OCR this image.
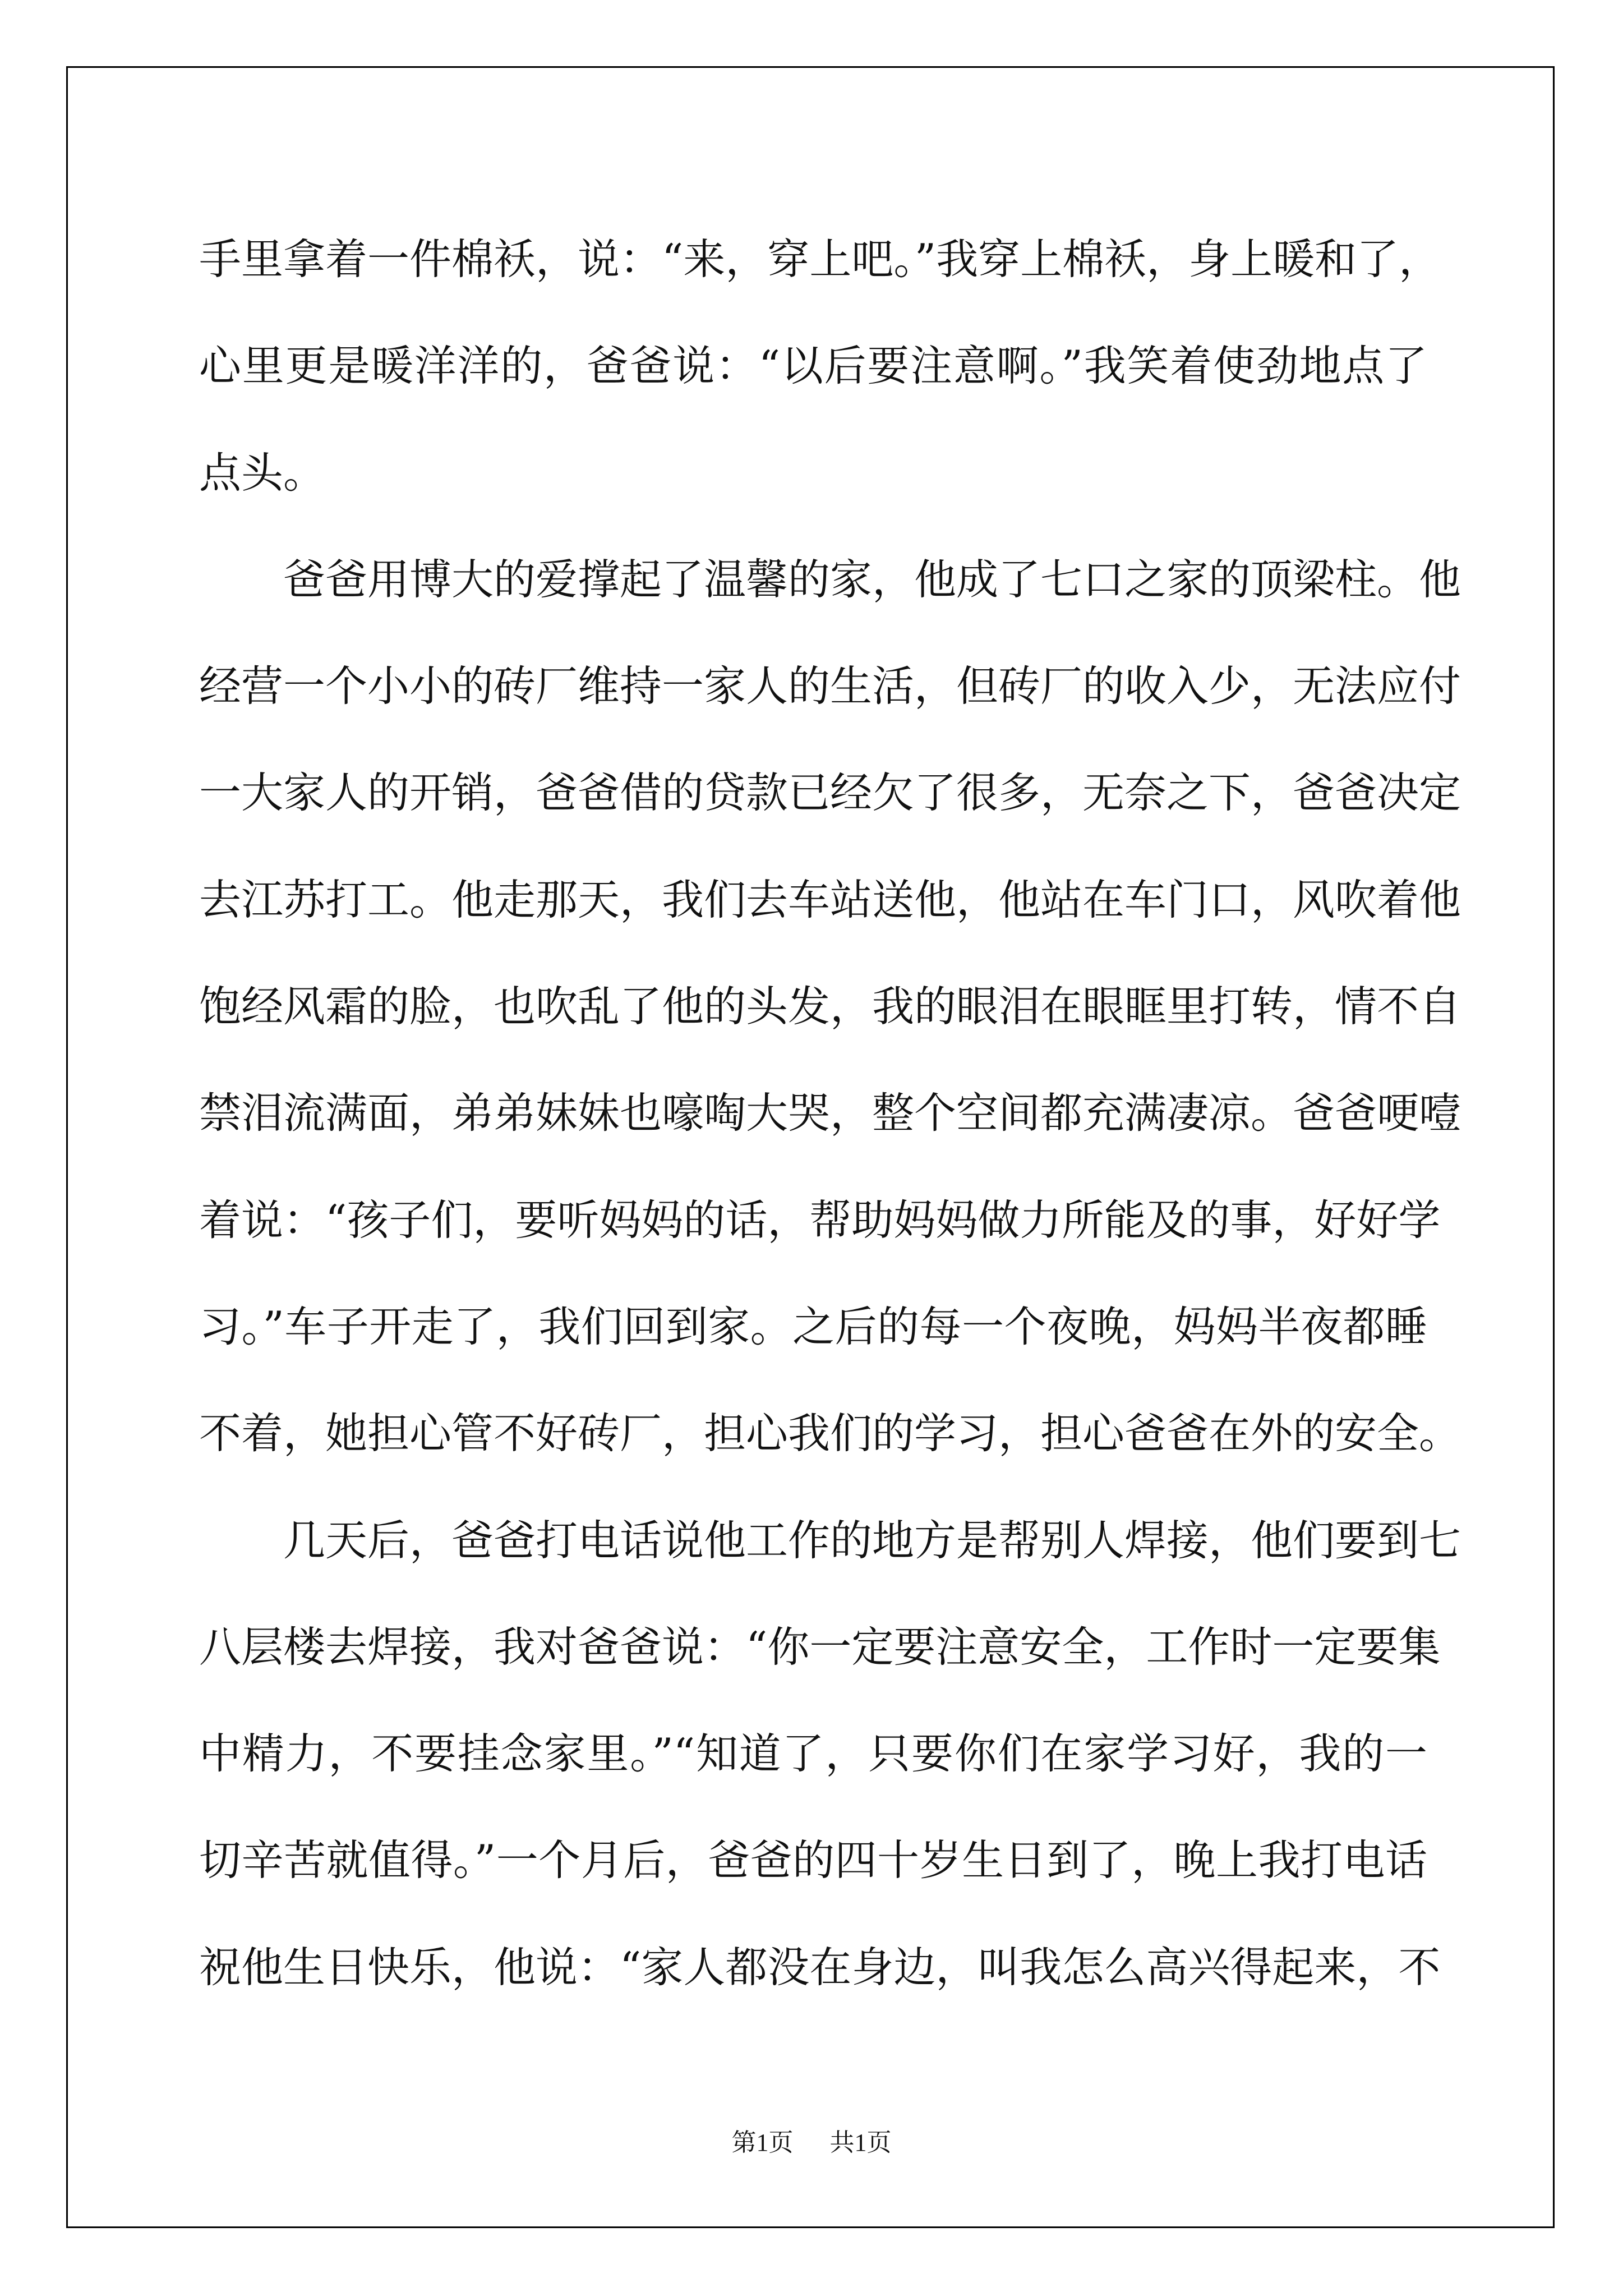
手里拿着一件棉袄，说：“来，穿上吧。”我穿上棉袄，身上暖和了，
心里更是暖洋洋的，爸爸说：“以后要注意啊。”我笑着使劲地点了
点头。
爸爸用博大的爱撑起了温馨的家，他成了七口之家的顶梁柱。他
经营一个小小的砖厂维持一家人的生活，但砖厂的收入少，无法应付
一大家人的开销，爸爸借的贷款已经欠了很多，无奈之下，爸爸决定
去江苏打工。他走那天，我们去车站送他，他站在车门口，风吹着他
饱经风霜的脸，也吹乱了他的头发，我的眼泪在眼眶里打转，情不自
禁泪流满面，弟弟妹妹也嚎啕大哭，整个空间都充满凄凉。爸爸哽噎
着说：“孩子们，要听妈妈的话，帮助妈妈做力所能及的事，好好学
习。”车子开走了，我们回到家。之后的每一个夜晚，妈妈半夜都睡
不着，她担心管不好砖厂，担心我们的学习，担心爸爸在外的安全。
几天后，爸爸打电话说他工作的地方是帮别人焊接，他们要到七
八层楼去焊接，我对爸爸说：“你一定要注意安全，工作时一定要集
中精力，不要挂念家里。”“知道了，只要你们在家学习好，我的一
切辛苦就值得。”一个月后，爸爸的四十岁生日到了，晚上我打电话
祝他生日快乐，他说：“家人都没在身边，叫我怎么高兴得起来，不
第1页 共1页
